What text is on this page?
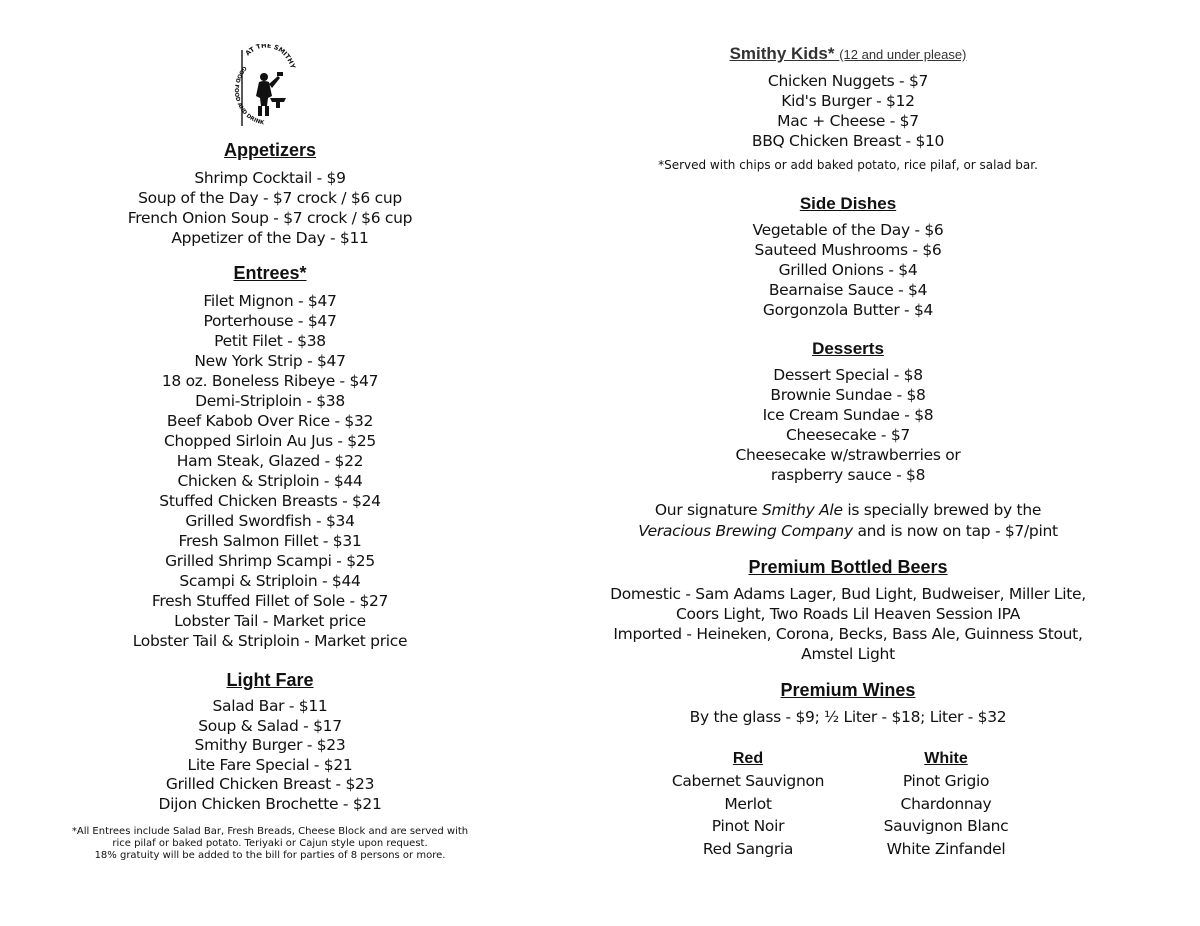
AT THE SMITHY
GOOD D AND DRINK
Appetizers
Shrimp Cocktail - $9
Soup of the Day - $7 crock / $6 cup
French Onion Soup - $7 crock / $6 cup
Appetizer of the Day - $11
Entrees*
Filet Mignon - $47
Porterhouse - $47
Petit Filet - $38
New York Strip - $47
18 oz. Boneless Ribeye - $47
Demi-Striploin - $38
Beef Kabob Over Rice - $32
Chopped Sirloin Au Jus - $25
Ham Steak, Glazed - $22
Chicken & Striploin - $44
Stuffed Chicken Breasts - $24
Grilled Swordfish - $34
Fresh Salmon Fillet - $31
Grilled Shrimp Scampi - $25
Scampi & Striploin - $44
Fresh Stuffed Fillet of Sole - $27
Lobster Tail - Market price
Lobster Tail & Striploin - Market price
Light Fare
Salad Bar - $11
Soup & Salad - $17
Smithy Burger - $23
Lite Fare Special - $21
Grilled Chicken Breast - $23
Dijon Chicken Brochette - $21
*All Entrees include Salad Bar, Fresh Breads, Cheese Block and are served with
rice pilaf or baked potato. Teriyaki or Cajun style upon request.
18% gratuity will be added to the bill for parties of 8 persons or more.
Smithy Kids* (12 and under please)
Chicken Nuggets - $7
Kid's Burger - $12
Mac + Cheese - $7
BBQ Chicken Breast - $10
*Served with chips or add baked potato, rice pilaf, or salad bar.
Side Dishes
Vegetable of the Day - $6
Sauteed Mushrooms - $6
Grilled Onions - $4
Bearnaise Sauce - $4
Gorgonzola Butter - $4
Desserts
Dessert Special - $8
Brownie Sundae - $8
Ice Cream Sundae - $8
Cheesecake - $7
Cheesecake w/strawberries or
raspberry sauce - $8
Our signature Smithy Ale is specially brewed by the
Veracious Brewing Company and is now on tap - $7/pint
Premium Bottled Beers
Domestic - Sam Adams Lager, Bud Light, Budweiser, Miller Lite,
Coors Light, Two Roads Lil Heaven Session IPA
Imported - Heineken, Corona, Becks, Bass Ale, Guinness Stout,
Amstel Light
Premium Wines
By the glass - $9; ½ Liter - $18; Liter - $32
Red
Cabernet Sauvignon
Merlot
Pinot Noir
Red Sangria
White
Pinot Grigio
Chardonnay
Sauvignon Blanc
White Zinfandel
